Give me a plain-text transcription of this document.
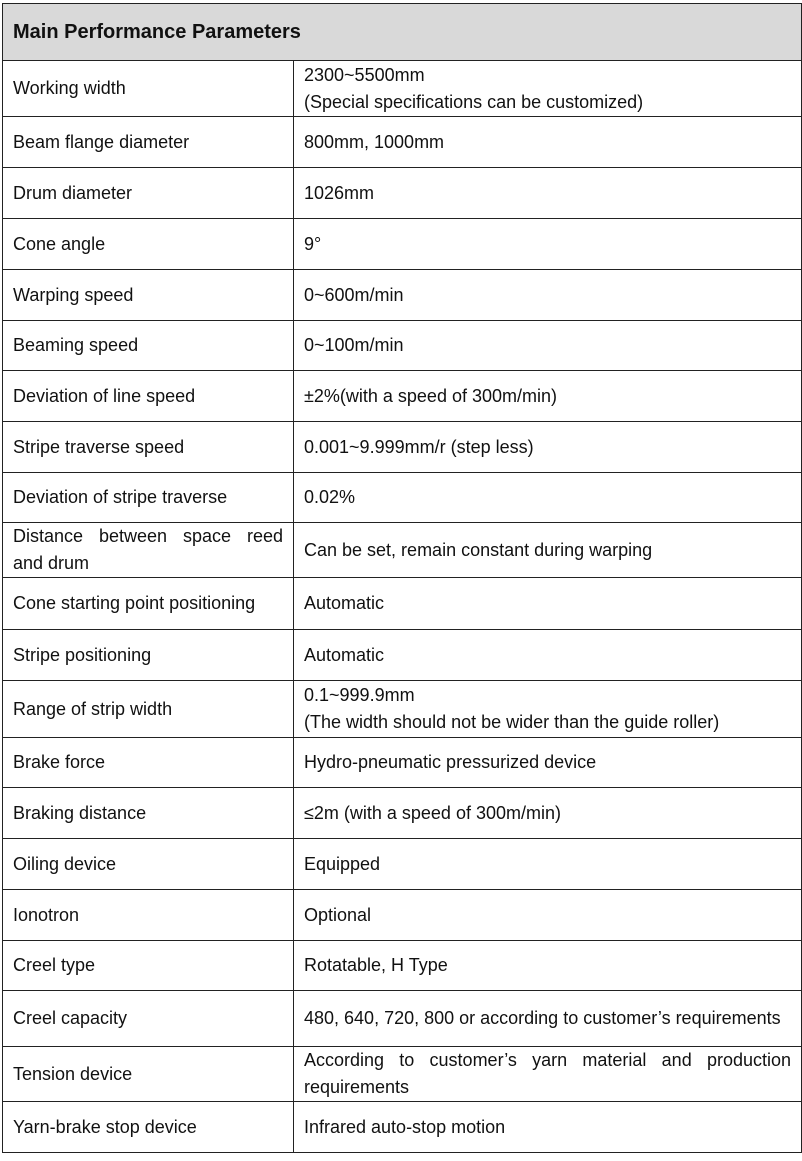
Main Performance Parameters	
Working width	2300~5500mm
(Special specifications can be customized)

Beam flange diameter	800mm, 1000mm

Drum diameter	1026mm

Cone angle	9°

Warping speed	0~600m/min

Beaming speed	0~100m/min

Deviation of line speed	±2%(with a speed of 300m/min)

Stripe traverse speed	0.001~9.999mm/r (step less)

Deviation of stripe traverse	0.02%

Distance between space reed and drum	Can be set, remain constant during warping

Cone starting point positioning	Automatic

Stripe positioning	Automatic

Range of strip width	0.1~999.9mm
(The width should not be wider than the guide roller)

Brake force	Hydro-pneumatic pressurized device

Braking distance	≤2m (with a speed of 300m/min)

Oiling device	Equipped

Ionotron	Optional

Creel type	Rotatable, H Type

Creel capacity	480, 640, 720, 800 or according to customer’s requirements

Tension device	According to customer’s yarn material and production requirements

Yarn-brake stop device	Infrared auto-stop motion
